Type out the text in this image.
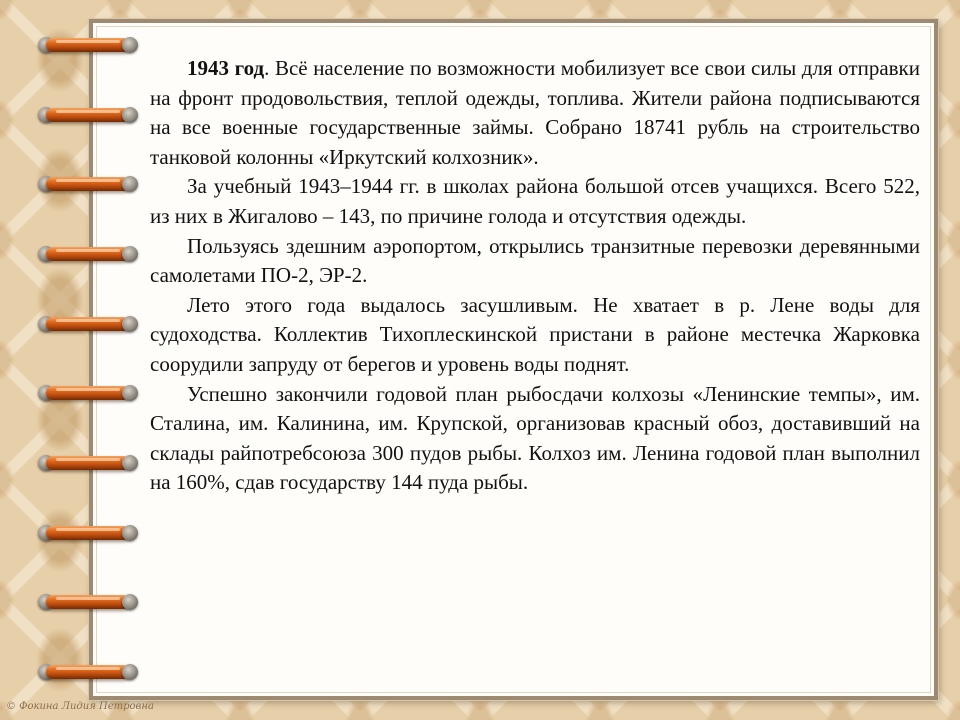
1943 год. Всё население по возможности мобилизует все свои силы для отправки на фронт продовольствия, теплой одежды, топлива. Жители района подписываются на все военные государственные займы. Собрано 18741 рубль на строительство танковой колонны «Иркутский колхозник».

За учебный 1943–1944 гг. в школах района большой отсев учащихся. Всего 522, из них в Жигалово – 143, по причине голода и отсутствия одежды.

Пользуясь здешним аэропортом, открылись транзитные перевозки деревянными самолетами ПО-2, ЭР-2.

Лето этого года выдалось засушливым. Не хватает в р. Лене воды для судоходства. Коллектив Тихоплескинской пристани в районе местечка Жарковка соорудили запруду от берегов и уровень воды поднят.

Успешно закончили годовой план рыбосдачи колхозы «Ленинские темпы», им. Сталина, им. Калинина, им. Крупской, организовав красный обоз, доставивший на склады райпотребсоюза 300 пудов рыбы. Колхоз им. Ленина годовой план выполнил на 160%, сдав государству 144 пуда рыбы.

© Фокина Лидия Петровна
